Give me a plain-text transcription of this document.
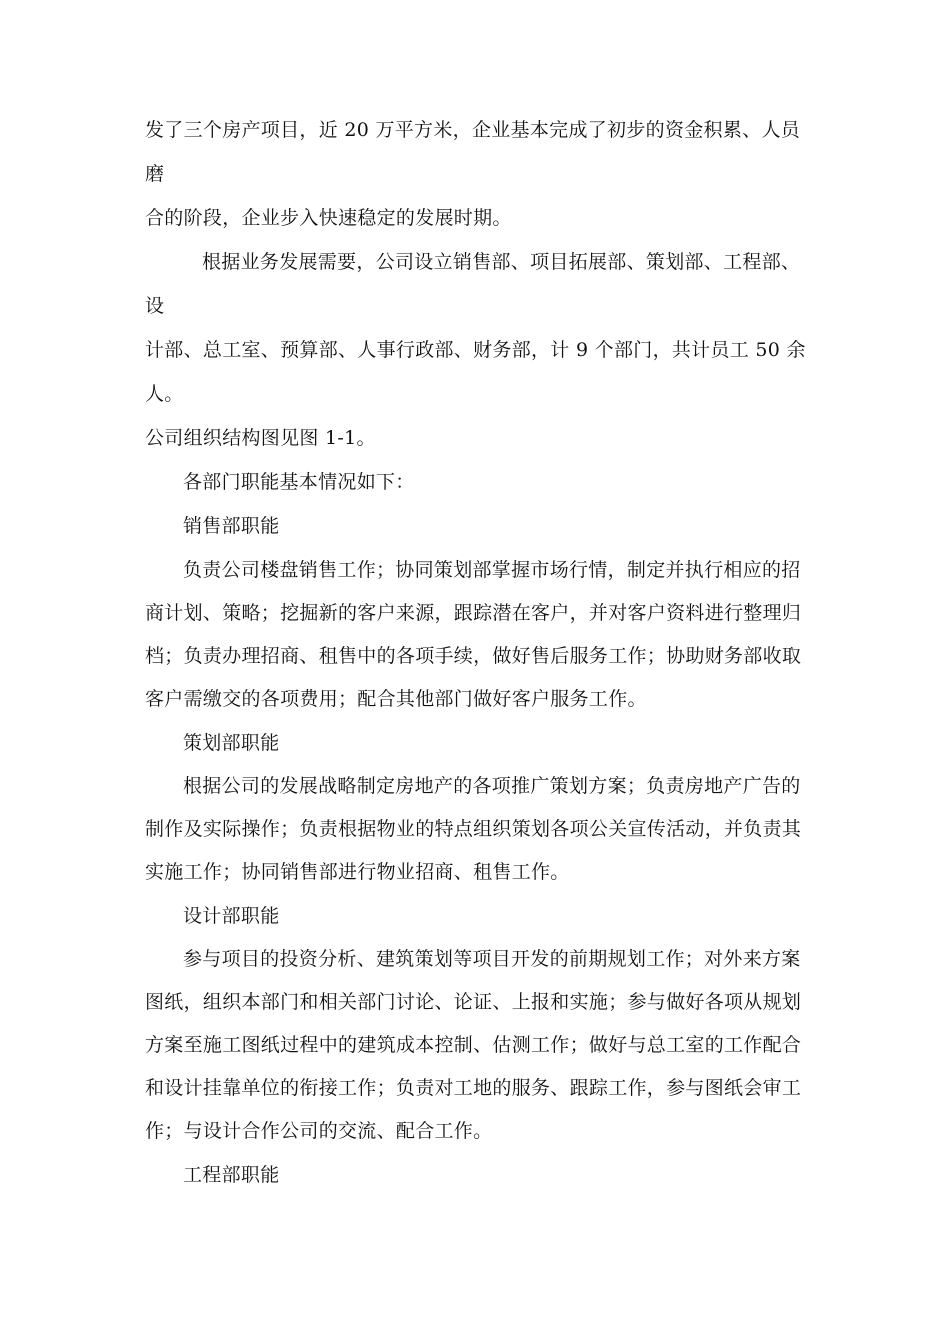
发了三个房产项目，近 20 万平方米，企业基本完成了初步的资金积累、人员
磨
合的阶段，企业步入快速稳定的发展时期。
根据业务发展需要，公司设立销售部、项目拓展部、策划部、工程部、
设
计部、总工室、预算部、人事行政部、财务部，计 9 个部门，共计员工 50 余
人。
公司组织结构图见图 1-1。
各部门职能基本情况如下：
销售部职能
负责公司楼盘销售工作；协同策划部掌握市场行情，制定并执行相应的招
商计划、策略；挖掘新的客户来源，跟踪潜在客户，并对客户资料进行整理归
档；负责办理招商、租售中的各项手续，做好售后服务工作；协助财务部收取
客户需缴交的各项费用；配合其他部门做好客户服务工作。
策划部职能
根据公司的发展战略制定房地产的各项推广策划方案；负责房地产广告的
制作及实际操作；负责根据物业的特点组织策划各项公关宣传活动，并负责其
实施工作；协同销售部进行物业招商、租售工作。
设计部职能
参与项目的投资分析、建筑策划等项目开发的前期规划工作；对外来方案
图纸，组织本部门和相关部门讨论、论证、上报和实施；参与做好各项从规划
方案至施工图纸过程中的建筑成本控制、估测工作；做好与总工室的工作配合
和设计挂靠单位的衔接工作；负责对工地的服务、跟踪工作，参与图纸会审工
作；与设计合作公司的交流、配合工作。
工程部职能
